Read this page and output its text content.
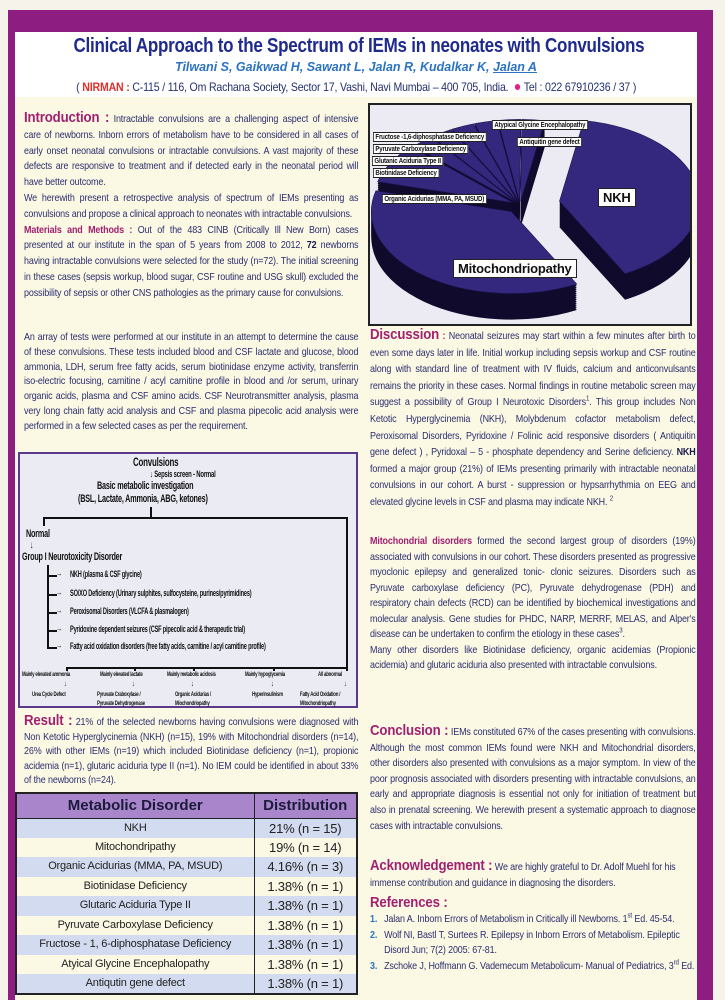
Clinical Approach to the Spectrum of IEMs in neonates with Convulsions
Tilwani S, Gaikwad H, Sawant L, Jalan R, Kudalkar K, Jalan A
( NIRMAN : C-115 / 116, Om Rachana Society, Sector 17, Vashi, Navi Mumbai – 400 705, India. ● Tel : 022 67910236 / 37 )

Introduction : Intractable convulsions are a challenging aspect of intensive care of newborns. Inborn errors of metabolism have to be considered in all cases of early onset neonatal convulsions or intractable convulsions. A vast majority of these defects are responsive to treatment and if detected early in the neonatal period will have better outcome.

We herewith present a retrospective analysis of spectrum of IEMs presenting as convulsions and propose a clinical approach to neonates with intractable convulsions.

Materials and Methods : Out of the 483 CINB (Critically Ill New Born) cases presented at our institute in the span of 5 years from 2008 to 2012, 72 newborns having intractable convulsions were selected for the study (n=72). The initial screening in these cases (sepsis workup, blood sugar, CSF routine and USG skull) excluded the possibility of sepsis or other CNS pathologies as the primary cause for convulsions.

An array of tests were performed at our institute in an attempt to determine the cause of these convulsions. These tests included blood and CSF lactate and glucose, blood ammonia, LDH, serum free fatty acids, serum biotinidase enzyme activity, transferrin iso-electric focusing, carnitine / acyl carnitine profile in blood and /or serum, urinary organic acids, plasma and CSF amino acids. CSF Neurotransmitter analysis, plasma very long chain fatty acid analysis and CSF and plasma pipecolic acid analysis were performed in a few selected cases as per the requirement.
Convulsions
↓ Sepsis screen - Normal
Basic metabolic investigation
(BSL, Lactate, Ammonia, ABG, ketones)
Normal
↓
Group I Neurotoxicity Disorder
→ NKH (plasma & CSF glycine)
→ SO/XO Deficiency (Urinary sulphites, sulfocysteine, purines/pyrimidines)
→ Peroxisomal Disorders (VLCFA & plasmalogen)
→ Pyridoxine dependent seizures (CSF pipecolic acid & therapeutic trial)
→ Fatty acid oxidation disorders (free fatty acids, carnitine / acyl carnitine profile)
Mainly elevated ammonia
↓
Urea Cycle Defect
Mainly elevated lactate
↓
Pyruvate Craboxylase /
Pyruvate Dehydrogenase
Mainly metabolic acidosis
↓
Organic Acidurias /
Miochondriopathy
Mainly hypoglycemia
↓
Hyperinsulinism
All abnormal
↓
Fatty Acid Oxidation /
Mitochondriopathy

Result : 21% of the selected newborns having convulsions were diagnosed with Non Ketotic Hyperglycinemia (NKH) (n=15), 19% with Mitochondrial disorders (n=14), 26% with other IEMs (n=19) which included Biotinidase deficiency (n=1), propionic acidemia (n=1), glutaric aciduria type II (n=1). No IEM could be identified in about 33% of the newborns (n=24).

Metabolic Disorder	Distribution
NKH	21% (n = 15)
Mitochondripathy	19% (n = 14)
Organic Acidurias (MMA, PA, MSUD)	4.16% (n = 3)
Biotinidase Deficiency	1.38% (n = 1)
Glutaric Aciduria Type II	1.38% (n = 1)
Pyruvate Carboxylase Deficiency	1.38% (n = 1)
Fructose - 1, 6-diphosphatase Deficiency	1.38% (n = 1)
Atyical Glycine Encephalopathy	1.38% (n = 1)
Antiqutin gene defect	1.38% (n = 1)
NKH
Mitochondriopathy
Organic Acidurias (MMA, PA, MSUD)
Biotinidase Deficiency
Glutanic Aciduria Type II
Pyruvate Carboxylase Deficiency
Fructose -1,6-diphosphatase Deficiency
Atypical Glycine Encephalopathy
Antiquitin gene defect

Discussion : Neonatal seizures may start within a few minutes after birth to even some days later in life. Initial workup including sepsis workup and CSF routine along with standard line of treatment with IV fluids, calcium and anticonvulsants remains the priority in these cases. Normal findings in routine metabolic screen may suggest a possibility of Group I Neurotoxic Disorders$^1$. This group includes Non Ketotic Hyperglycinemia (NKH), Molybdenum cofactor metabolism defect, Peroxisomal Disorders, Pyridoxine / Folinic acid responsive disorders ( Antiquitin gene defect ) , Pyridoxal – 5 - phosphate dependency and Serine deficiency. NKH formed a major group (21%) of IEMs presenting primarily with intractable neonatal convulsions in our cohort. A burst - suppression or hypsarrhythmia on EEG and elevated glycine levels in CSF and plasma may indicate NKH. $^2$

Mitochondrial disorders formed the second largest group of disorders (19%) associated with convulsions in our cohort. These disorders presented as progressive myoclonic epilepsy and generalized tonic- clonic seizures. Disorders such as Pyruvate carboxylase deficiency (PC), Pyruvate dehydrogenase (PDH) and respiratory chain defects (RCD) can be identified by biochemical investigations and molecular analysis. Gene studies for PHDC, NARP, MERRF, MELAS, and Alper's disease can be undertaken to confirm the etiology in these cases$^3$.

Many other disorders like Biotinidase deficiency, organic acidemias (Propionic acidemia) and glutaric aciduria also presented with intractable convulsions.

Conclusion : IEMs constituted 67% of the cases presenting with convulsions. Although the most common IEMs found were NKH and Mitochondrial disorders, other disorders also presented with convulsions as a major symptom. In view of the poor prognosis associated with disorders presenting with intractable convulsions, an early and appropriate diagnosis is essential not only for initiation of treatment but also in prenatal screening. We herewith present a systematic approach to diagnose cases with intractable convulsions.

Acknowledgement : We are highly grateful to Dr. Adolf Muehl for his immense contribution and guidance in diagnosing the disorders.

References :

1. Jalan A. Inborn Errors of Metabolism in Critically ill Newborns. 1st Ed. 45-54.
2. Wolf NI, Bastl T, Surtees R. Epilepsy in Inborn Errors of Metabolism. Epileptic Disord Jun; 7(2) 2005: 67-81.
3. Zschoke J, Hoffmann G. Vademecum Metabolicum- Manual of Pediatrics, 3rd Ed.
